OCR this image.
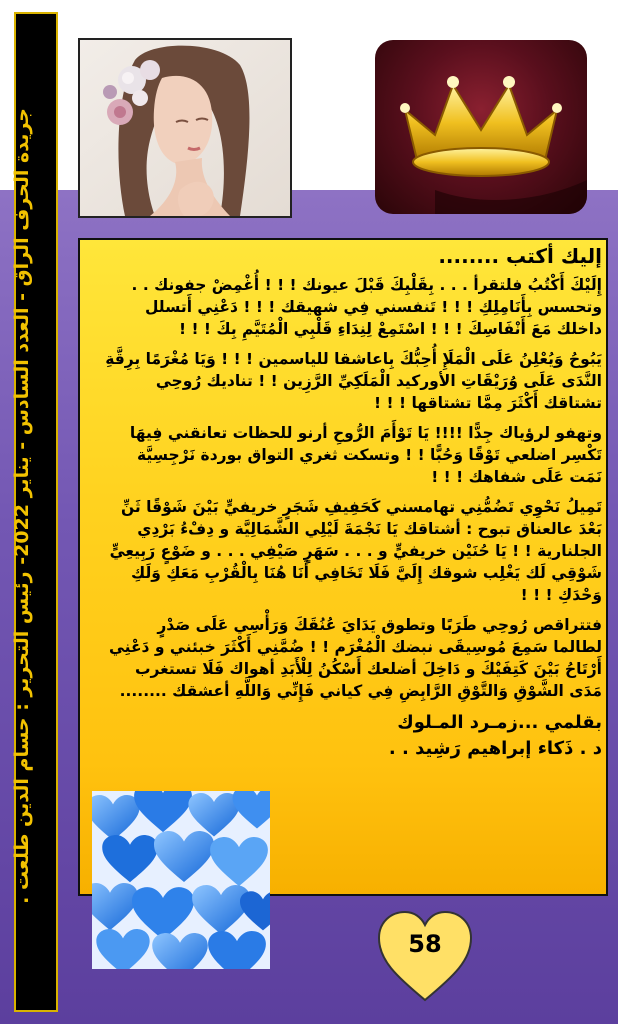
جريدة الحرف الراق - العدد السادس - يناير 2022- رئيس التحرير : حسام الدين طلعت .	إليك أكتب ........

إِلَيْكَ أَكْتُبُ فلتقرأ . . . بِقَلْبِكَ قَبْلَ عيونك ! ! ! أُغْمِضْ جفونك . . وتحسس بِأَنَامِلِكِ ! ! ! تَنفسني فِي شهيقك ! ! ! دَعْنِي أَتسلل داخلك مَعَ أَنْفَاسِكَ ! ! ! اسْتَمِعْ لِنِدَاءِ قَلْبِي الْمُتَيَّمِ بِكَ ! ! !

يَبُوحُ وَيُعْلِنُ عَلَى الْمَلَإِ أُحِبُّكَ بِاعاشقا للياسمين ! ! ! وَيَا مُغْرَمًا بِرِقَّةِ النَّدَى عَلَى وُرَيْقَاتِ الأوركيد الْمَلَكِيِّ الرَّزِين ! ! تناديك رُوحِي تشتاقك أَكْثَرَ مِمَّا تشتاقها ! ! !

وتهفو لرؤياك جِدًّا !!!! يَا تَوْأَمَ الرُّوحِ أرنو للحظات تعانقني فِيهَا تَكْسِر اضلعي تَوْقًا وَحُبًّا ! ! وتسكت ثغري التواق بوردة نَرْجِسِيَّة نَمَت عَلَى شفاهك ! ! !

تَمِيلُ نَحْوِي تَضُمُّنِي تهامسني كَحَفِيفِ شَجَرٍ خريفيٍّ بَيْنَ شَوْقًا ثَنِّ بَعْدَ عالعناق تبوح : أشتاقك يَا نَجْمَةَ لَيْلِي الشَّمَالِيَّة و دِفْءُ بَرْدِي الجلنارية ! ! يَا حُنَيْن خريفيٍّ و . . . سَهَرٍ صَيْفِي . . . و ضَوْعٍ رَبِيعِيٍّ شَوْقِي لَك يَغْلِب شوقك إِلَيَّ فَلَا تَخَافِي أَنَا هُنَا بِالْقُرْبِ مَعَكِ وَلَكِ وَحْدَكِ ! ! !

فتتراقص رُوحِي طَرَبًا وتطوق يَدَايَ عُنُقَكَ وَرَأْسِي عَلَى صَدْرٍ لطالما سَمِعَ مُوسِيقَى نبضك الْمُغْرَم ! ! ضُمَّنِي أَكْثَرَ خبئني و دَعْنِي أَرْتَاحُ بَيْنَ كَتِفَيْكَ و دَاخِلَ أضلعك أَسْكُنُ لِلْأَبَدِ أهواك فَلَا تستغرب مَدَى الشَّوْقِ وَالتَّوْقِ الرَّابِضِ فِي كياني فَإِنِّي وَاللَّهِ أعشقك ........

بقلمي ...زمـرد المـلوك

د . ذَكاء إبراهيم رَشِيد . .

58
